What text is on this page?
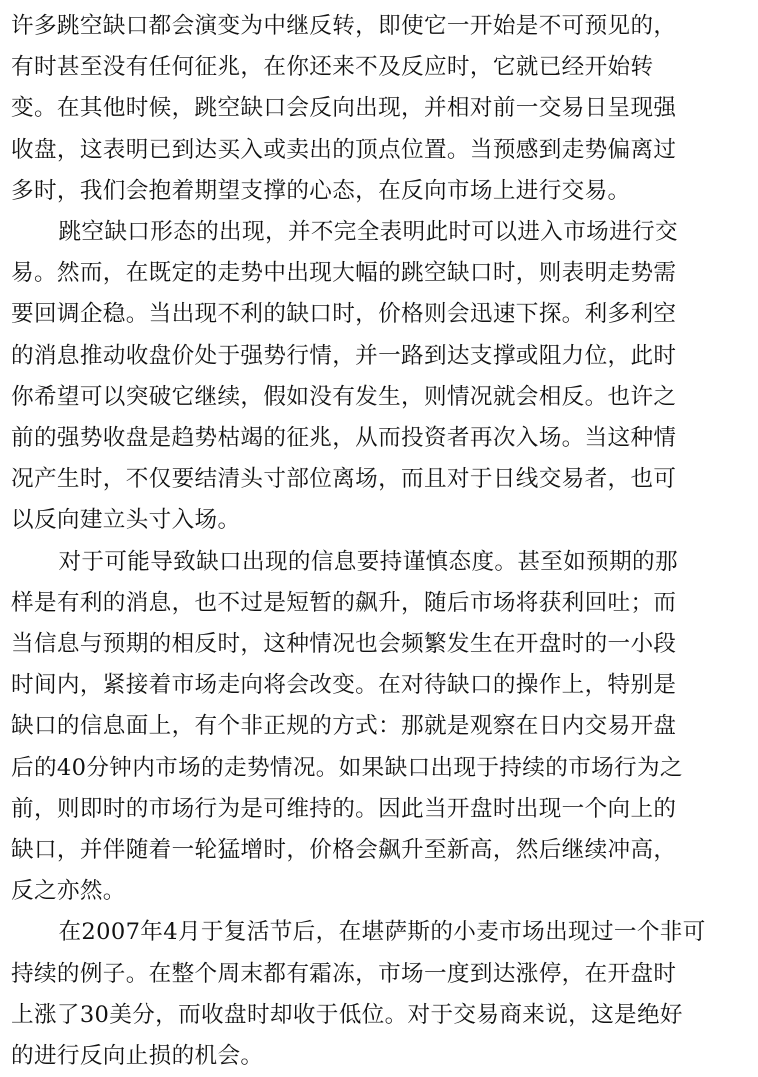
许多跳空缺口都会演变为中继反转，即使它一开始是不可预见的，
有时甚至没有任何征兆，在你还来不及反应时，它就已经开始转
变。在其他时候，跳空缺口会反向出现，并相对前一交易日呈现强
收盘，这表明已到达买入或卖出的顶点位置。当预感到走势偏离过
多时，我们会抱着期望支撑的心态，在反向市场上进行交易。

跳空缺口形态的出现，并不完全表明此时可以进入市场进行交
易。然而，在既定的走势中出现大幅的跳空缺口时，则表明走势需
要回调企稳。当出现不利的缺口时，价格则会迅速下探。利多利空
的消息推动收盘价处于强势行情，并一路到达支撑或阻力位，此时
你希望可以突破它继续，假如没有发生，则情况就会相反。也许之
前的强势收盘是趋势枯竭的征兆，从而投资者再次入场。当这种情
况产生时，不仅要结清头寸部位离场，而且对于日线交易者，也可
以反向建立头寸入场。

对于可能导致缺口出现的信息要持谨慎态度。甚至如预期的那
样是有利的消息，也不过是短暂的飙升，随后市场将获利回吐；而
当信息与预期的相反时，这种情况也会频繁发生在开盘时的一小段
时间内，紧接着市场走向将会改变。在对待缺口的操作上，特别是
缺口的信息面上，有个非正规的方式：那就是观察在日内交易开盘
后的40分钟内市场的走势情况。如果缺口出现于持续的市场行为之
前，则即时的市场行为是可维持的。因此当开盘时出现一个向上的
缺口，并伴随着一轮猛增时，价格会飙升至新高，然后继续冲高，
反之亦然。

在2007年4月于复活节后，在堪萨斯的小麦市场出现过一个非可
持续的例子。在整个周末都有霜冻，市场一度到达涨停，在开盘时
上涨了30美分，而收盘时却收于低位。对于交易商来说，这是绝好
的进行反向止损的机会。
